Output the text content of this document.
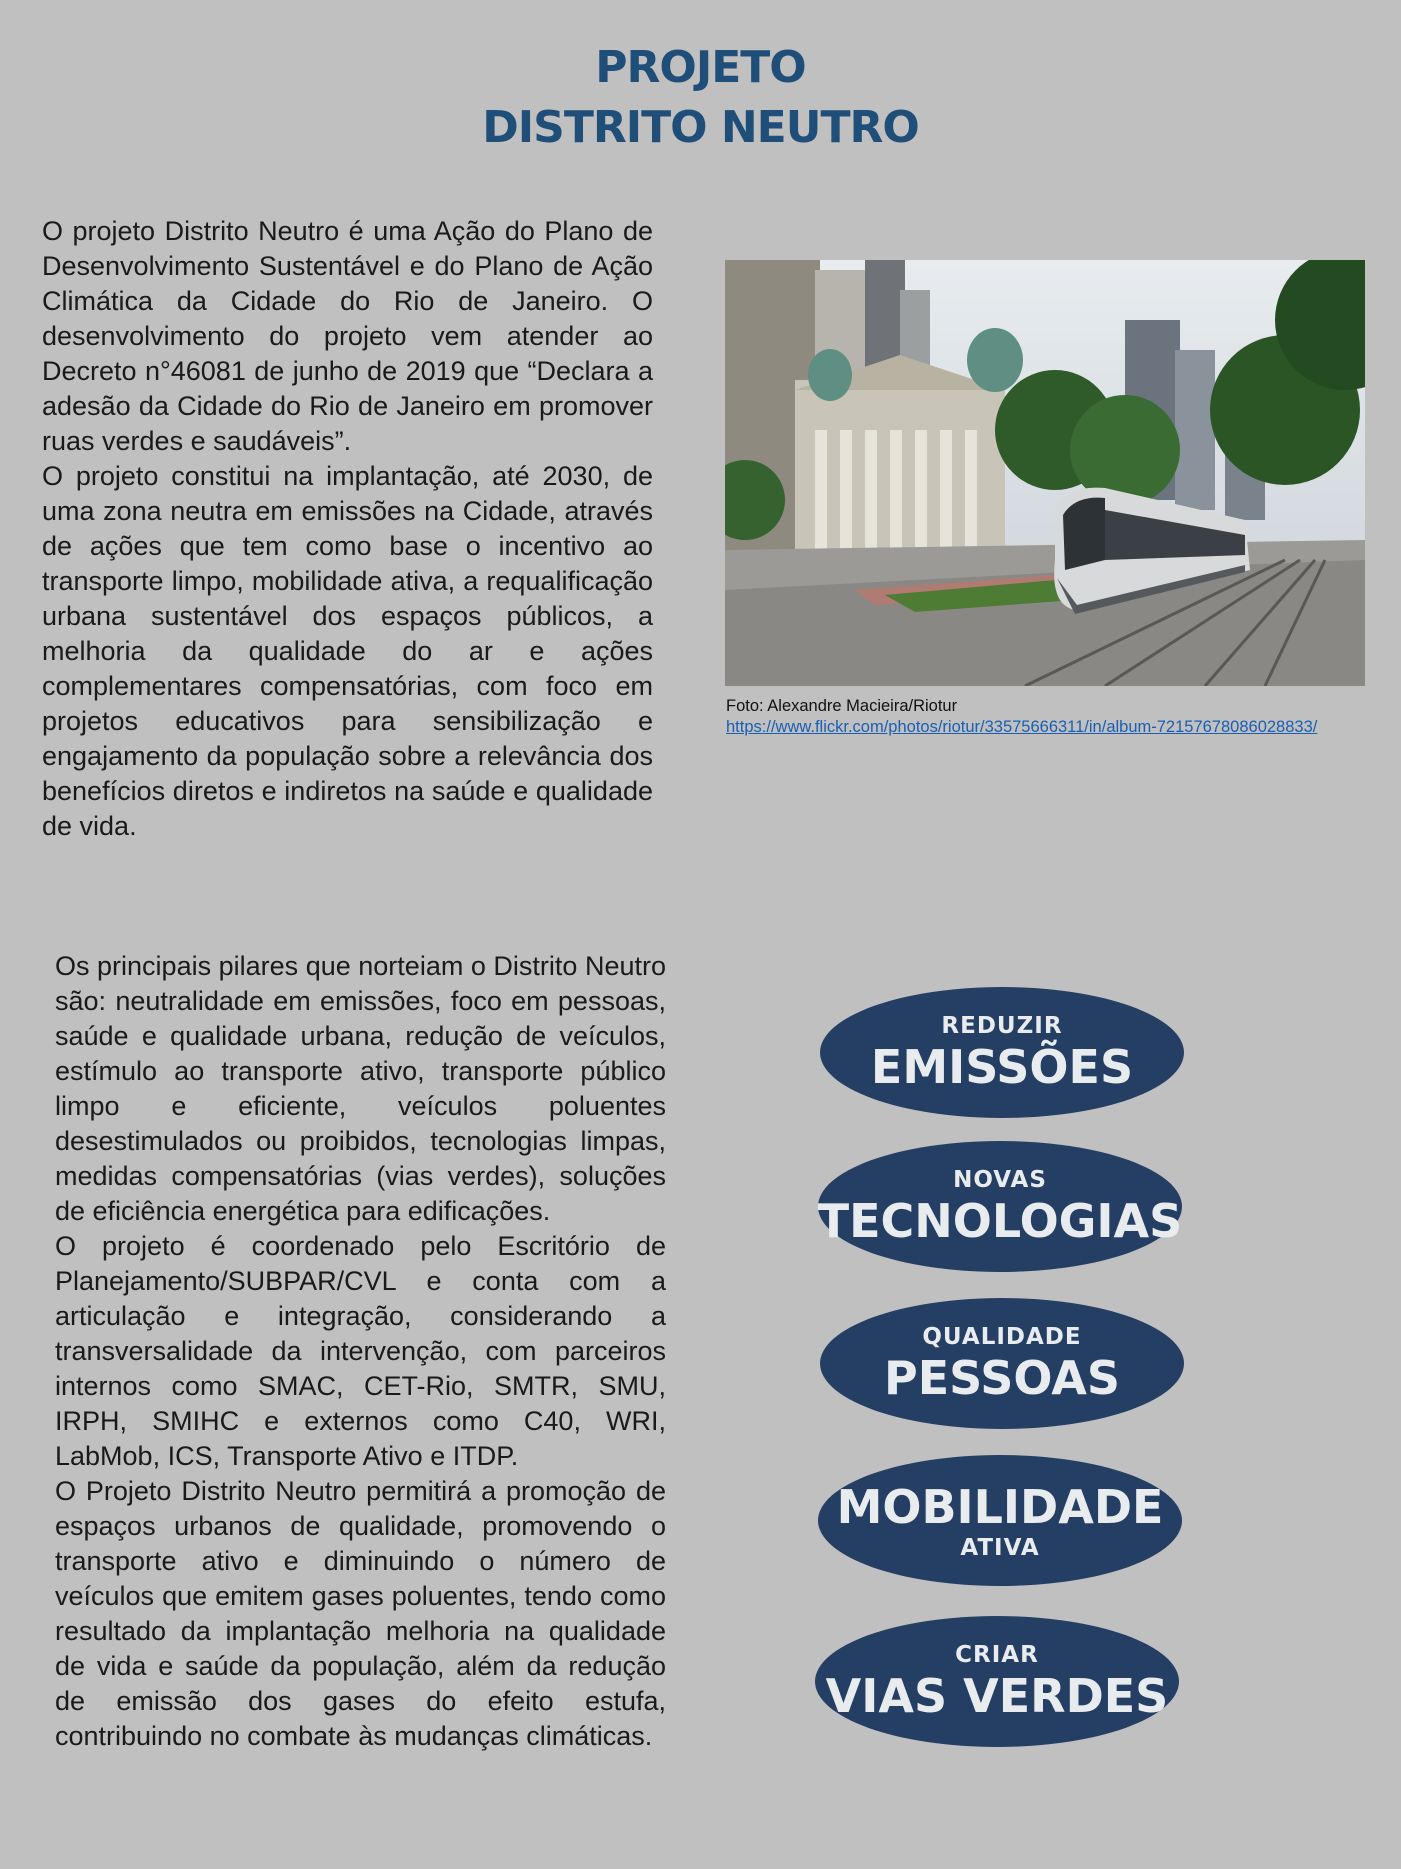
PROJETO
DISTRITO NEUTRO

O projeto Distrito Neutro é uma Ação do Plano de Desenvolvimento Sustentável e do Plano de Ação Climática da Cidade do Rio de Janeiro. O desenvolvimento do projeto vem atender ao Decreto n°46081 de junho de 2019 que “Declara a adesão da Cidade do Rio de Janeiro em promover ruas verdes e saudáveis”.

O projeto constitui na implantação, até 2030, de uma zona neutra em emissões na Cidade, através de ações que tem como base o incentivo ao transporte limpo, mobilidade ativa, a requalificação urbana sustentável dos espaços públicos, a melhoria da qualidade do ar e ações complementares compensatórias, com foco em projetos educativos para sensibilização e engajamento da população sobre a relevância dos benefícios diretos e indiretos na saúde e qualidade de vida.

Foto: Alexandre Macieira/Riotur
https://www.flickr.com/photos/riotur/33575666311/in/album-72157678086028833/

Os principais pilares que norteiam o Distrito Neutro são: neutralidade em emissões, foco em pessoas, saúde e qualidade urbana, redução de veículos, estímulo ao transporte ativo, transporte público limpo e eficiente, veículos poluentes desestimulados ou proibidos, tecnologias limpas, medidas compensatórias (vias verdes), soluções de eficiência energética para edificações.

O projeto é coordenado pelo Escritório de Planejamento/SUBPAR/CVL e conta com a articulação e integração, considerando a transversalidade da intervenção, com parceiros internos como SMAC, CET-Rio, SMTR, SMU, IRPH, SMIHC e externos como C40, WRI, LabMob, ICS, Transporte Ativo e ITDP.

O Projeto Distrito Neutro permitirá a promoção de espaços urbanos de qualidade, promovendo o transporte ativo e diminuindo o número de veículos que emitem gases poluentes, tendo como resultado da implantação melhoria na qualidade de vida e saúde da população, além da redução de emissão dos gases do efeito estufa, contribuindo no combate às mudanças climáticas.

REDUZIR
EMISSÕES
NOVAS
TECNOLOGIAS
QUALIDADE
PESSOAS
MOBILIDADE
ATIVA
CRIAR
VIAS VERDES
